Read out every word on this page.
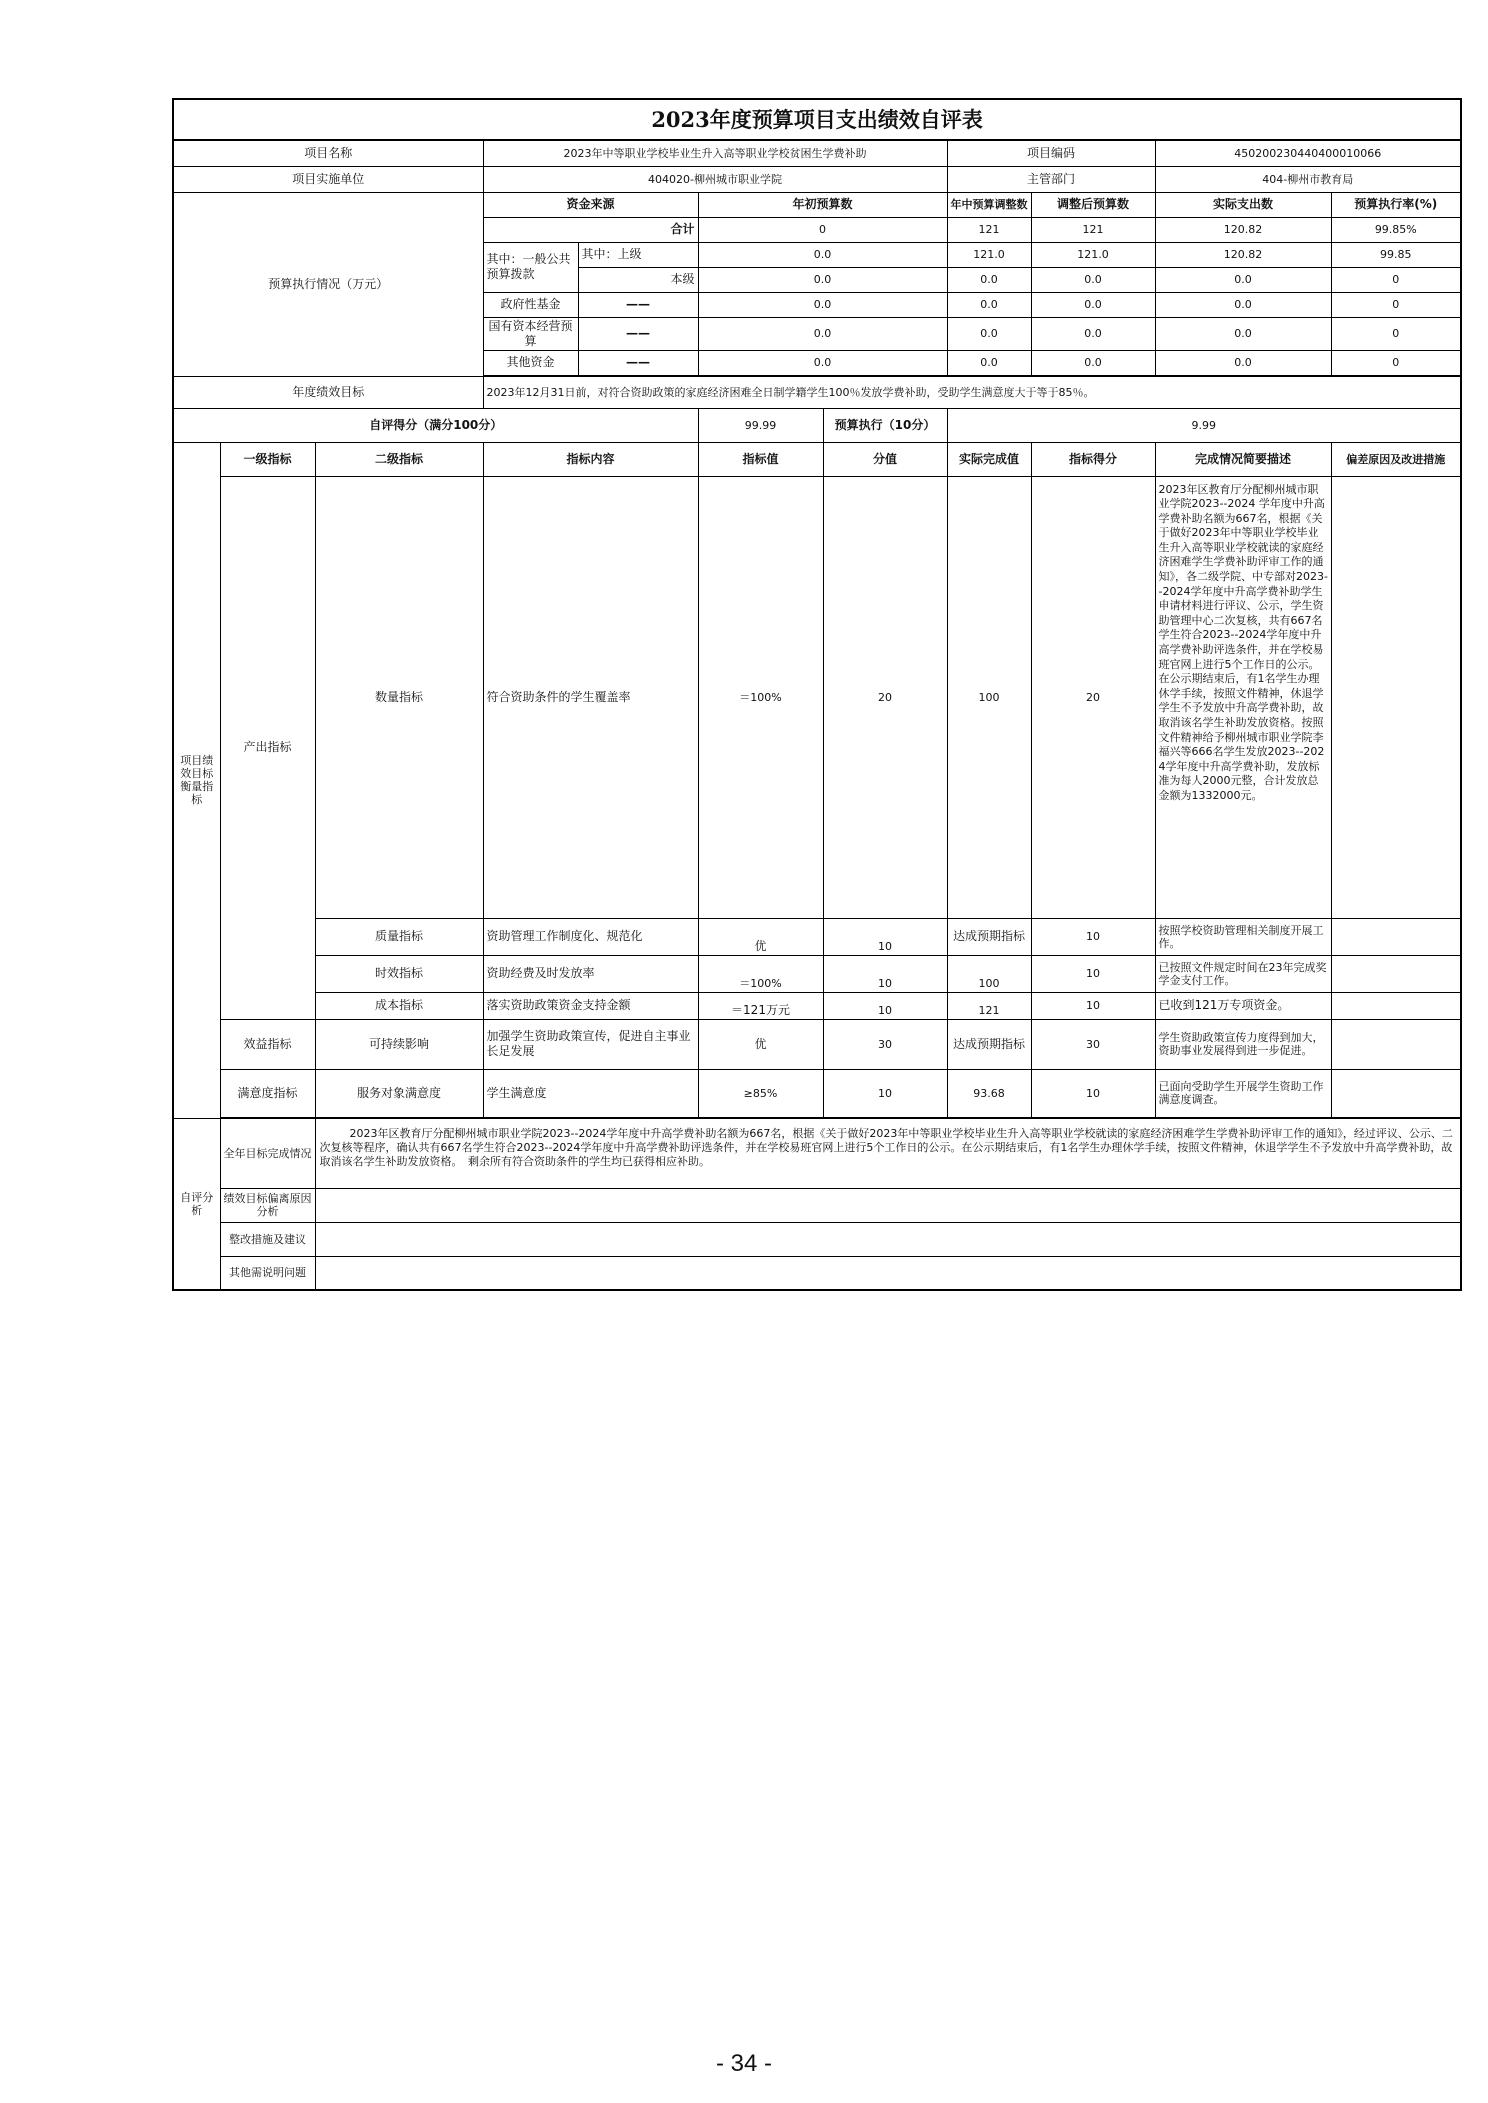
2023年度预算项目支出绩效自评表										
项目名称			2023年中等职业学校毕业生升入高等职业学校贫困生学费补助				项目编码		450200230440400010066	
项目实施单位			404020-柳州城市职业学院				主管部门		404-柳州市教育局	
预算执行情况（万元）			资金来源		年初预算数		年中预算调整数	调整后预算数	实际支出数	预算执行率(%)
			合计		0		121	121	120.82	99.85%
			其中：一般公共预算拨款	其中：上级	0.0		121.0	121.0	120.82	99.85
				本级	0.0		0.0	0.0	0.0	0
			政府性基金	——	0.0		0.0	0.0	0.0	0
			国有资本经营预算	——	0.0		0.0	0.0	0.0	0
			其他资金	——	0.0		0.0	0.0	0.0	0

年度绩效目标			2023年12月31日前，对符合资助政策的家庭经济困难全日制学籍学生100％发放学费补助，受助学生满意度大于等于85％。							
自评得分（满分100分）					99.99	预算执行（10分）	9.99			
项目绩效目标衡量指标	一级指标	二级指标	指标内容		指标值	分值	实际完成值	指标得分	完成情况简要描述	偏差原因及改进措施
	产出指标	数量指标	符合资助条件的学生覆盖率		＝100%	20	100	20	2023年区教育厅分配柳州城市职业学院2023--2024 学年度中升高学费补助名额为667名，根据《关于做好2023年中等职业学校毕业生升入高等职业学校就读的家庭经济困难学生学费补助评审工作的通知》，各二级学院、中专部对2023--2024学年度中升高学费补助学生申请材料进行评议、公示，学生资助管理中心二次复核，共有667名学生符合2023--2024学年度中升高学费补助评选条件，并在学校易班官网上进行5个工作日的公示。在公示期结束后，有1名学生办理休学手续，按照文件精神，休退学学生不予发放中升高学费补助，故取消该名学生补助发放资格。按照文件精神给予柳州城市职业学院李福兴等666名学生发放2023--2024学年度中升高学费补助，发放标准为每人2000元整，合计发放总金额为1332000元。	
		质量指标	资助管理工作制度化、规范化		优	10	达成预期指标	10	按照学校资助管理相关制度开展工作。	
		时效指标	资助经费及时发放率		＝100%	10	100	10	已按照文件规定时间在23年完成奖学金支付工作。	
		成本指标	落实资助政策资金支持金额		＝121万元	10	121	10	已收到121万专项资金。	
	效益指标	可持续影响	加强学生资助政策宣传，促进自主事业长足发展		优	30	达成预期指标	30	学生资助政策宣传力度得到加大，资助事业发展得到进一步促进。	
	满意度指标	服务对象满意度	学生满意度		≥85%	10	93.68	10	已面向受助学生开展学生资助工作满意度调查。	

自评分析	全年目标完成情况	2023年区教育厅分配柳州城市职业学院2023--2024学年度中升高学费补助名额为667名，根据《关于做好2023年中等职业学校毕业生升入高等职业学校就读的家庭经济困难学生学费补助评审工作的通知》，经过评议、公示、二次复核等程序，确认共有667名学生符合2023--2024学年度中升高学费补助评选条件，并在学校易班官网上进行5个工作日的公示。在公示期结束后，有1名学生办理休学手续，按照文件精神，休退学学生不予发放中升高学费补助，故取消该名学生补助发放资格。　剩余所有符合资助条件的学生均已获得相应补助。								
	绩效目标偏离原因分析									
	整改措施及建议									
	其他需说明问题									
- 34 -
